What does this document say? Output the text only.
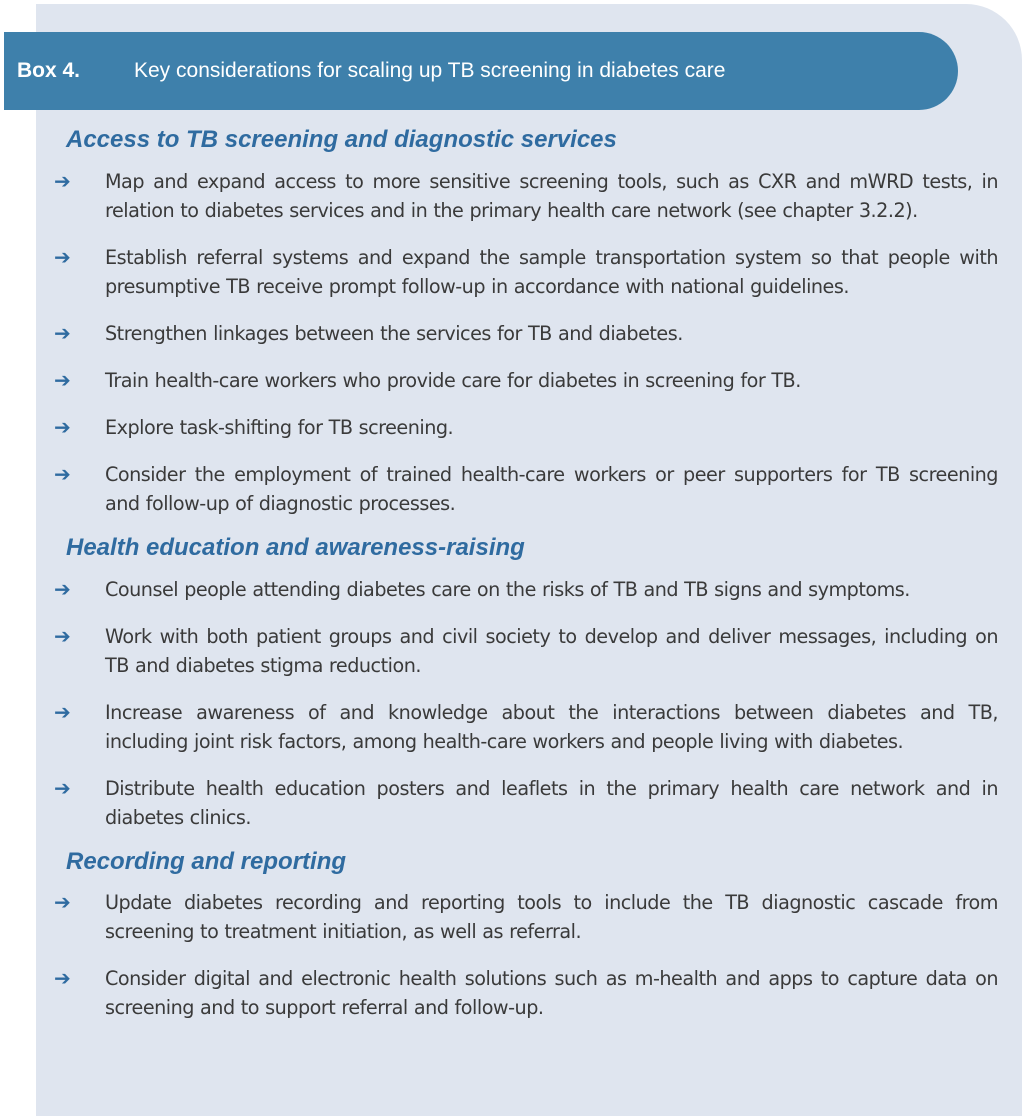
Box 4.	Key considerations for scaling up TB screening in diabetes care
Access to TB screening and diagnostic services
➔	Map and expand access to more sensitive screening tools, such as CXR and mWRD tests, in relation to diabetes services and in the primary health care network (see chapter 3.2.2).
➔	Establish referral systems and expand the sample transportation system so that people with presumptive TB receive prompt follow-up in accordance with national guidelines.
➔	Strengthen linkages between the services for TB and diabetes.
➔	Train health-care workers who provide care for diabetes in screening for TB.
➔	Explore task-shifting for TB screening.
➔	Consider the employment of trained health-care workers or peer supporters for TB screening and follow-up of diagnostic processes.
Health education and awareness-raising
➔	Counsel people attending diabetes care on the risks of TB and TB signs and symptoms.
➔	Work with both patient groups and civil society to develop and deliver messages, including on TB and diabetes stigma reduction.
➔	Increase awareness of and knowledge about the interactions between diabetes and TB, including joint risk factors, among health-care workers and people living with diabetes.
➔	Distribute health education posters and leaflets in the primary health care network and in diabetes clinics.
Recording and reporting
➔	Update diabetes recording and reporting tools to include the TB diagnostic cascade from screening to treatment initiation, as well as referral.
➔	Consider digital and electronic health solutions such as m-health and apps to capture data on screening and to support referral and follow-up.
